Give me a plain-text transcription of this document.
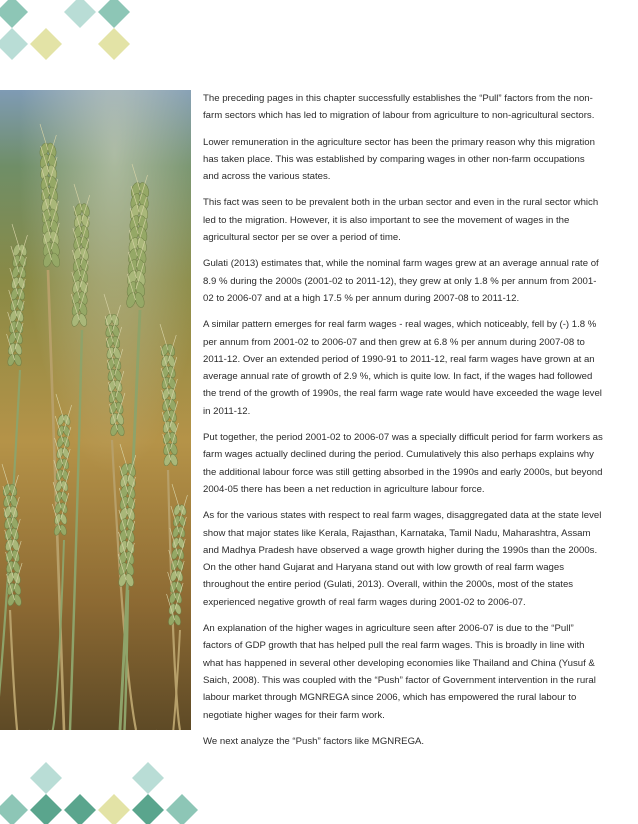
The preceding pages in this chapter successfully establishes the “Pull” factors from the non-farm sectors which has led to migration of labour from agriculture to non-agricultural sectors.

Lower remuneration in the agriculture sector has been the primary reason why this migration has taken place. This was established by comparing wages in other non-farm occupations and across the various states.

This fact was seen to be prevalent both in the urban sector and even in the rural sector which led to the migration. However, it is also important to see the movement of wages in the agricultural sector per se over a period of time.

Gulati (2013) estimates that, while the nominal farm wages grew at an average annual rate of 8.9 % during the 2000s (2001-02 to 2011-12), they grew at only 1.8 % per annum from 2001-02 to 2006-07 and at a high 17.5 % per annum during 2007-08 to 2011-12.

A similar pattern emerges for real farm wages - real wages, which noticeably, fell by (-) 1.8 % per annum from 2001-02 to 2006-07 and then grew at 6.8 % per annum during 2007-08 to 2011-12. Over an extended period of 1990-91 to 2011-12, real farm wages have grown at an average annual rate of growth of 2.9 %, which is quite low. In fact, if the wages had followed the trend of the growth of 1990s, the real farm wage rate would have exceeded the wage level in 2011-12.

Put together, the period 2001-02 to 2006-07 was a specially difficult period for farm workers as farm wages actually declined during the period. Cumulatively this also perhaps explains why the additional labour force was still getting absorbed in the 1990s and early 2000s, but beyond 2004-05 there has been a net reduction in agriculture labour force.

As for the various states with respect to real farm wages, disaggregated data at the state level show that major states like Kerala, Rajasthan, Karnataka, Tamil Nadu, Maharashtra, Assam and Madhya Pradesh have observed a wage growth higher during the 1990s than the 2000s. On the other hand Gujarat and Haryana stand out with low growth of real farm wages throughout the entire period (Gulati, 2013). Overall, within the 2000s, most of the states experienced negative growth of real farm wages during 2001-02 to 2006-07.

An explanation of the higher wages in agriculture seen after 2006-07 is due to the “Pull” factors of GDP growth that has helped pull the real farm wages. This is broadly in line with what has happened in several other developing economies like Thailand and China (Yusuf & Saich, 2008). This was coupled with the “Push” factor of Government intervention in the rural labour market through MGNREGA since 2006, which has empowered the rural labour to negotiate higher wages for their farm work.

We next analyze the “Push” factors like MGNREGA.
